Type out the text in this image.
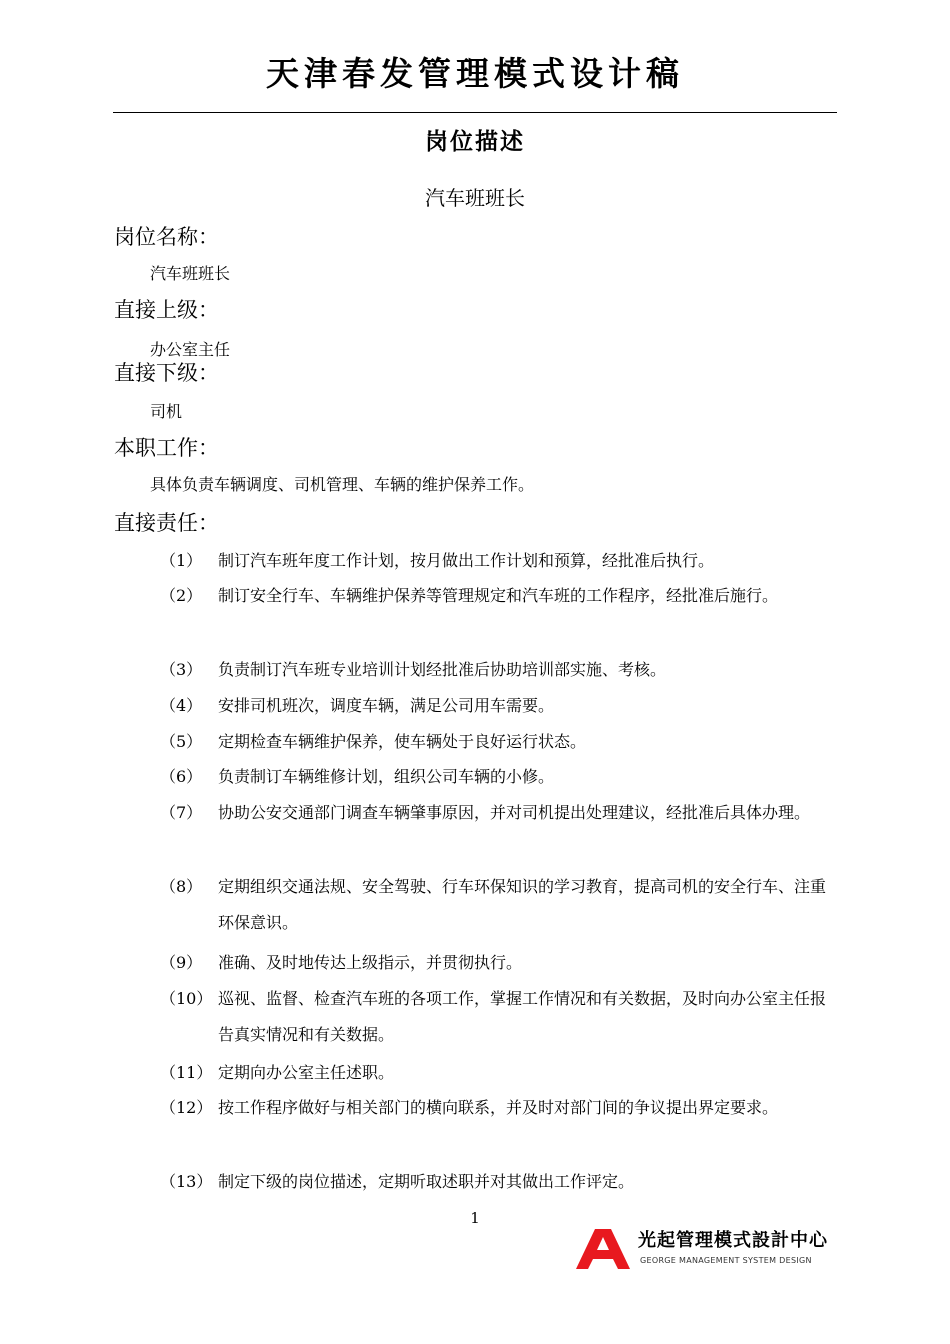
天津春发管理模式设计稿
岗位描述
汽车班班长
岗位名称：
汽车班班长
直接上级：
办公室主任
直接下级：
司机
本职工作：
具体负责车辆调度、司机管理、车辆的维护保养工作。
直接责任：
（1） 制订汽车班年度工作计划，按月做出工作计划和预算，经批准后执行。
（2） 制订安全行车、车辆维护保养等管理规定和汽车班的工作程序，经批准后施行。
（3） 负责制订汽车班专业培训计划经批准后协助培训部实施、考核。
（4） 安排司机班次，调度车辆，满足公司用车需要。
（5） 定期检查车辆维护保养，使车辆处于良好运行状态。
（6） 负责制订车辆维修计划，组织公司车辆的小修。
（7） 协助公安交通部门调查车辆肇事原因，并对司机提出处理建议，经批准后具体办理。
（8） 定期组织交通法规、安全驾驶、行车环保知识的学习教育，提高司机的安全行车、注重环保意识。
（9） 准确、及时地传达上级指示，并贯彻执行。
（10） 巡视、监督、检查汽车班的各项工作，掌握工作情况和有关数据，及时向办公室主任报告真实情况和有关数据。
（11） 定期向办公室主任述职。
（12） 按工作程序做好与相关部门的横向联系，并及时对部门间的争议提出界定要求。
（13） 制定下级的岗位描述，定期听取述职并对其做出工作评定。
1
光起管理模式設計中心
GEORGE MANAGEMENT SYSTEM DESIGN
